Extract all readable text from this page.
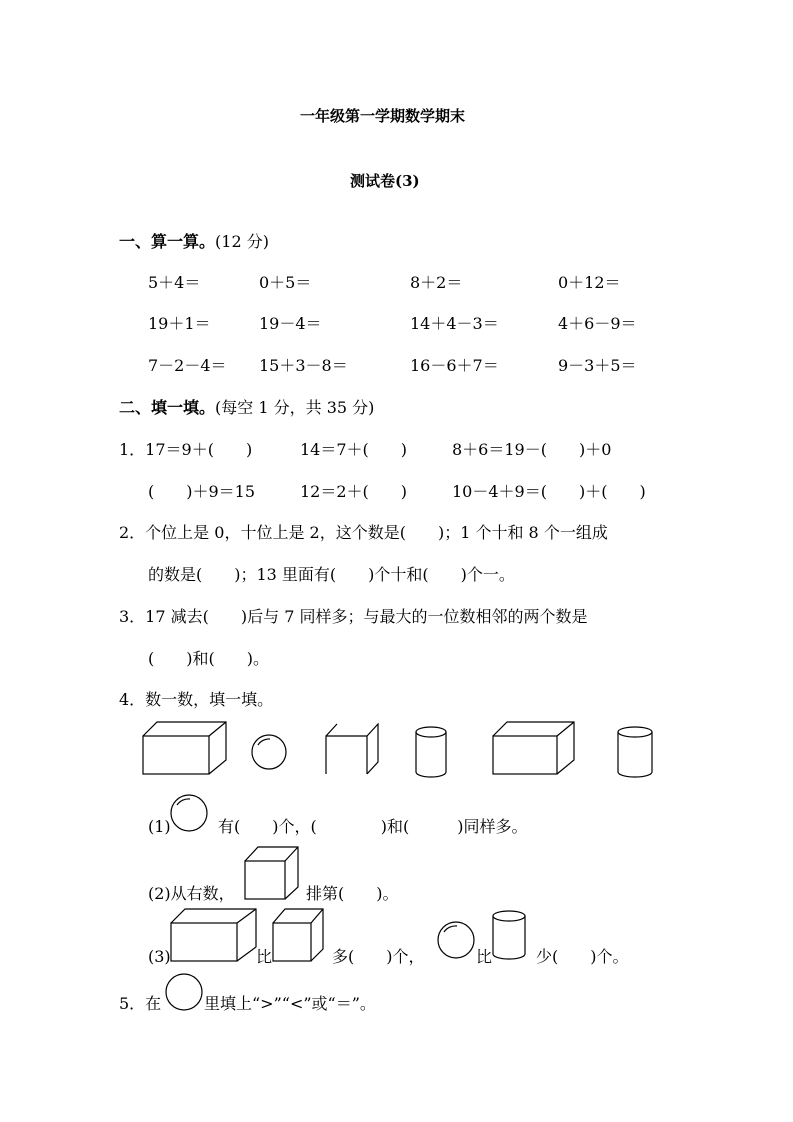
一年级第一学期数学期末
测试卷(3)
一、算一算。(12 分)
5＋4＝	0＋5＝	8＋2＝	0＋12＝
19＋1＝	19－4＝	14＋4－3＝	4＋6－9＝
7－2－4＝ 15＋3－8＝	16－6＋7＝	9－3＋5＝
二、填一填。(每空 1 分，共 35 分)
1．17＝9＋(　　)	14＝7＋(　　)	8＋6＝19－(　　)＋0
(　　)＋9＝15	12＝2＋(　　)	10－4＋9＝(　　)＋(　　)
2．个位上是 0，十位上是 2，这个数是(　　)；1 个十和 8 个一组成
的数是(　　)；13 里面有(　　)个十和(　　)个一。
3．17 减去(　　)后与 7 同样多；与最大的一位数相邻的两个数是
(　　)和(　　)。
4．数一数，填一填。
(1)	有(　　)个，(　　　　)和(　　　)同样多。
(2)从右数，	排第(　　)。
(3)	比	多(　　)个，	比	少(　　)个。
5．在	里填上“>”“<”或“＝”。
